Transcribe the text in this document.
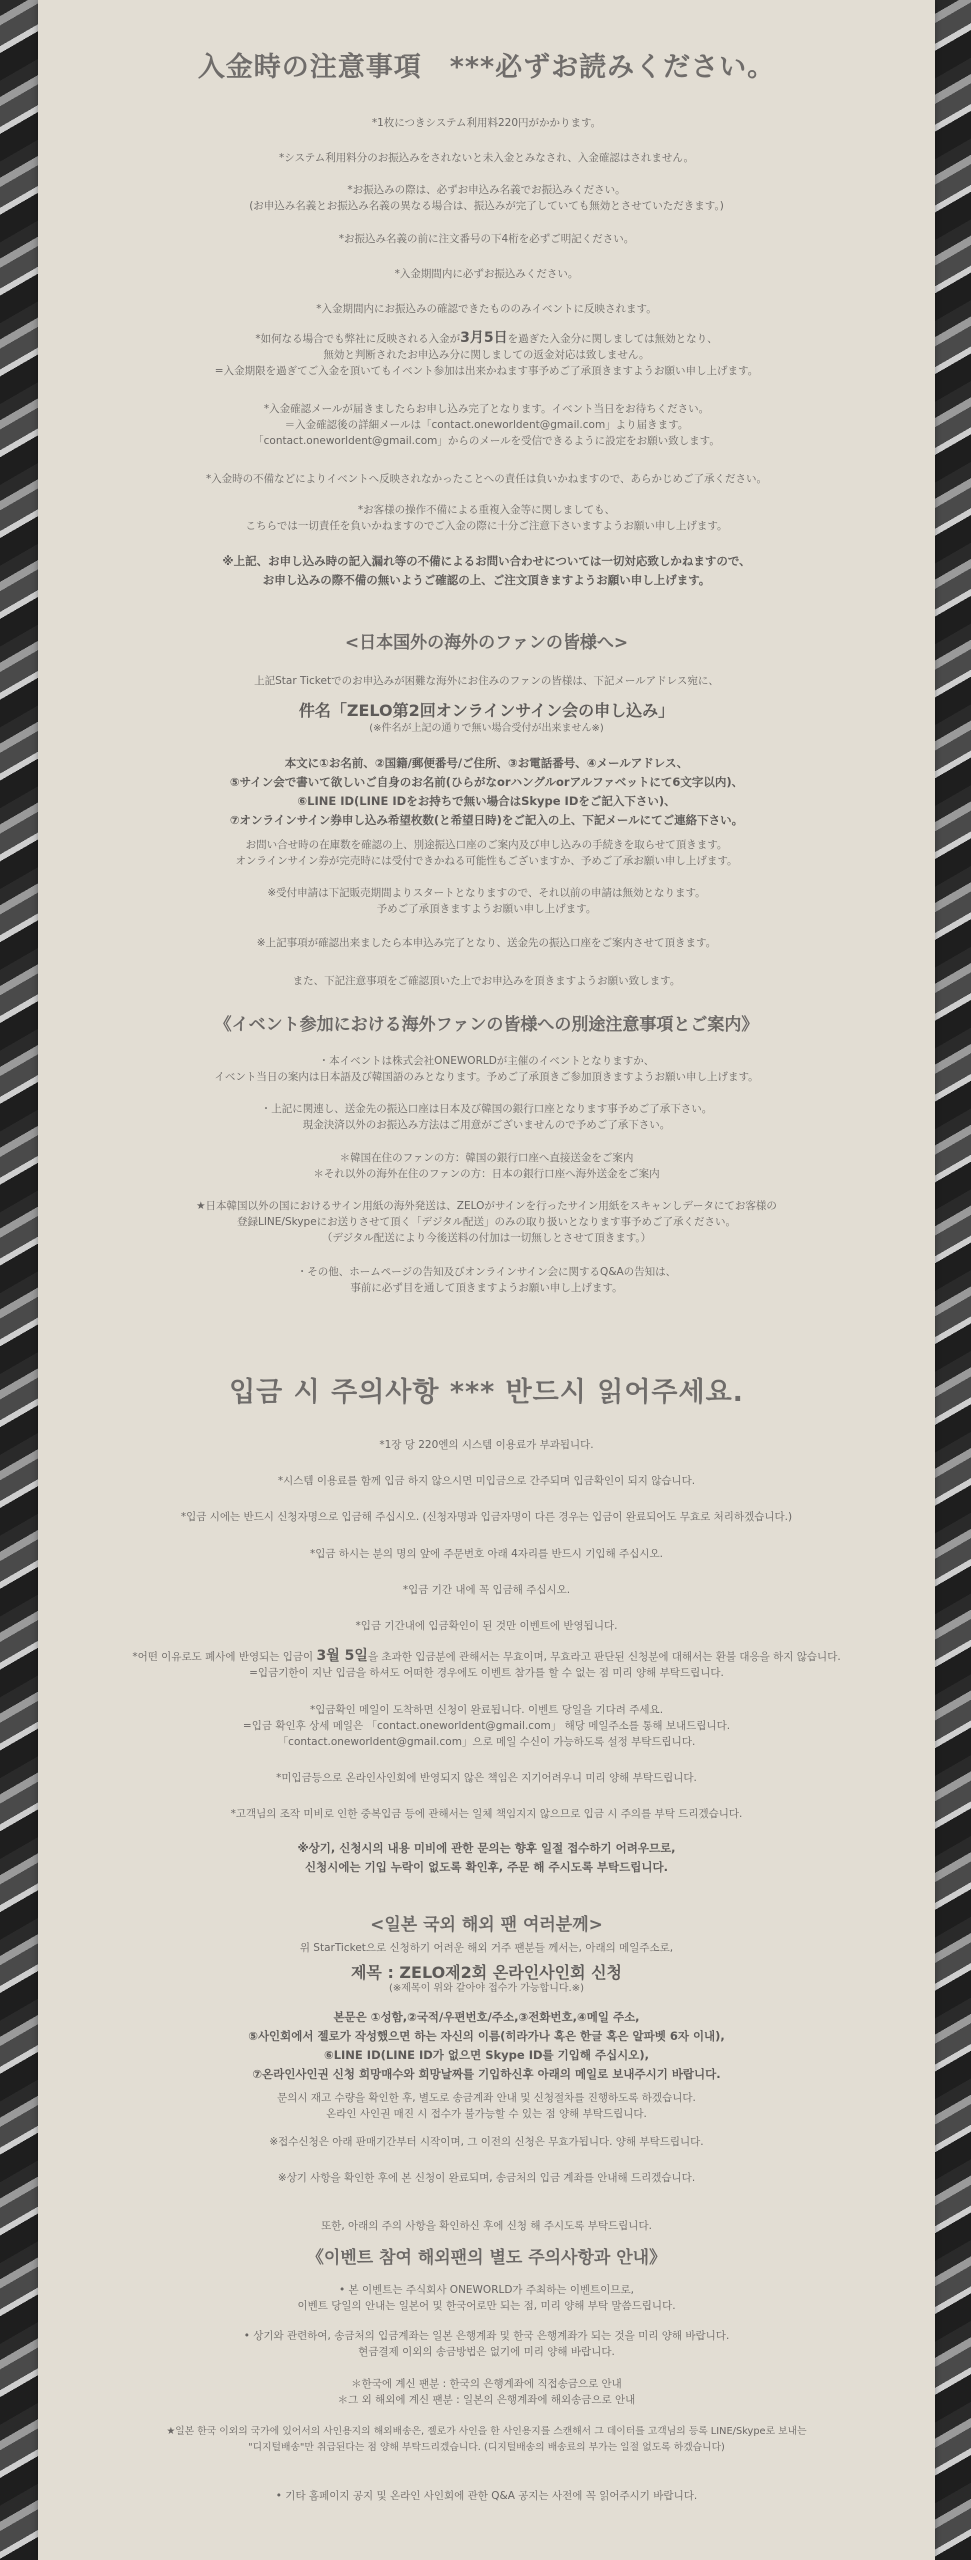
入金時の注意事項　***必ずお読みください。

*1枚につきシステム利用料220円がかかります。

*システム利用料分のお振込みをされないと未入金とみなされ、入金確認はされません。

*お振込みの際は、必ずお申込み名義でお振込みください。
(お申込み名義とお振込み名義の異なる場合は、振込みが完了していても無効とさせていただきます。)

*お振込み名義の前に注文番号の下4桁を必ずご明記ください。

*入金期間内に必ずお振込みください。

*入金期間内にお振込みの確認できたもののみイベントに反映されます。

*如何なる場合でも弊社に反映される入金が3月5日を過ぎた入金分に関しましては無効となり、
無効と判断されたお申込み分に関しましての返金対応は致しません。
=入金期限を過ぎてご入金を頂いてもイベント参加は出来かねます事予めご了承頂きますようお願い申し上げます。

*入金確認メールが届きましたらお申し込み完了となります。イベント当日をお待ちください。
＝入金確認後の詳細メールは「contact.oneworldent@gmail.com」より届きます。
「contact.oneworldent@gmail.com」からのメールを受信できるように設定をお願い致します。

*入金時の不備などによりイベントへ反映されなかったことへの責任は負いかねますので、あらかじめご了承ください。

*お客様の操作不備による重複入金等に関しましても、
こちらでは一切責任を負いかねますのでご入金の際に十分ご注意下さいますようお願い申し上げます。

※上記、お申し込み時の記入漏れ等の不備によるお問い合わせについては一切対応致しかねますので、
お申し込みの際不備の無いようご確認の上、ご注文頂きますようお願い申し上げます。

<日本国外の海外のファンの皆様へ>

上記Star Ticketでのお申込みが困難な海外にお住みのファンの皆様は、下記メールアドレス宛に、

件名「ZELO第2回オンラインサイン会の申し込み」

(※件名が上記の通りで無い場合受付が出来ません※)

本文に①お名前、②国籍/郵便番号/ご住所、③お電話番号、④メールアドレス、
⑤サイン会で書いて欲しいご自身のお名前(ひらがなorハングルorアルファベットにて6文字以内)、
⑥LINE ID(LINE IDをお持ちで無い場合はSkype IDをご記入下さい)、
⑦オンラインサイン券申し込み希望枚数(と希望日時)をご記入の上、下記メールにてご連絡下さい。

お問い合せ時の在庫数を確認の上、別途振込口座のご案内及び申し込みの手続きを取らせて頂きます。
オンラインサイン券が完売時には受付できかねる可能性もございますか、予めご了承お願い申し上げます。

※受付申請は下記販売期間よりスタートとなりますので、それ以前の申請は無効となります。
予めご了承頂きますようお願い申し上げます。

※上記事項が確認出来ましたら本申込み完了となり、送金先の振込口座をご案内させて頂きます。

また、下記注意事項をご確認頂いた上でお申込みを頂きますようお願い致します。

《イベント参加における海外ファンの皆様への別途注意事項とご案内》

・本イベントは株式会社ONEWORLDが主催のイベントとなりますか、
イベント当日の案内は日本語及び韓国語のみとなります。予めご了承頂きご参加頂きますようお願い申し上げます。

・上記に関連し、送金先の振込口座は日本及び韓国の銀行口座となります事予めご了承下さい。
現金決済以外のお振込み方法はご用意がございませんので予めご了承下さい。

＊韓国在住のファンの方：韓国の銀行口座へ直接送金をご案内
＊それ以外の海外在住のファンの方：日本の銀行口座へ海外送金をご案内

★日本韓国以外の国におけるサイン用紙の海外発送は、ZELOがサインを行ったサイン用紙をスキャンしデータにてお客様の
登録LINE/Skypeにお送りさせて頂く「デジタル配送」のみの取り扱いとなります事予めご了承ください。
（デジタル配送により今後送料の付加は一切無しとさせて頂きます。）

・その他、ホームページの告知及びオンラインサイン会に関するQ&Aの告知は、
事前に必ず目を通して頂きますようお願い申し上げます。

입금 시 주의사항 *** 반드시 읽어주세요.

*1장 당 220엔의 시스템 이용료가 부과됩니다.

*시스템 이용료를 함께 입금 하지 않으시면 미입금으로 간주되며 입금확인이 되지 않습니다.

*입금 시에는 반드시 신청자명으로 입금해 주십시오. (신청자명과 입금자명이 다른 경우는 입금이 완료되어도 무효로 처리하겠습니다.)

*입금 하시는 분의 명의 앞에 주문번호 아래 4자리를 반드시 기입해 주십시오.

*입금 기간 내에 꼭 입금해 주십시오.

*입금 기간내에 입금확인이 된 것만 이벤트에 반영됩니다.

*어떤 이유로도 폐사에 반영되는 입금이 3월 5일을 초과한 입금분에 관해서는 무효이며, 무효라고 판단된 신청분에 대해서는 환불 대응을 하지 않습니다.
=입금기한이 지난 입금을 하셔도 어떠한 경우에도 이벤트 참가를 할 수 없는 점 미리 양해 부탁드립니다.

*입금확인 메일이 도착하면 신청이 완료됩니다. 이벤트 당일을 기다려 주세요.
=입금 확인후 상세 메일은 「contact.oneworldent@gmail.com」 해당 메일주소를 통해 보내드립니다.
「contact.oneworldent@gmail.com」으로 메일 수신이 가능하도록 설정 부탁드립니다.

*미입금등으로 온라인사인회에 반영되지 않은 책임은 지기어려우니 미리 양해 부탁드립니다.

*고객님의 조작 미비로 인한 중복입금 등에 관해서는 일체 책임지지 않으므로 입금 시 주의를 부탁 드리겠습니다.

※상기, 신청시의 내용 미비에 관한 문의는 향후 일절 접수하기 어려우므로,
신청시에는 기입 누락이 없도록 확인후, 주문 해 주시도록 부탁드립니다.

<일본 국외 해외 팬 여러분께>

위 StarTicket으로 신청하기 어려운 해외 거주 팬분들 께서는, 아래의 메일주소로,

제목 : ZELO제2회 온라인사인회 신청

(※제목이 위와 같아야 접수가 가능합니다.※)

본문은 ①성함,②국적/우편번호/주소,③전화번호,④메일 주소,
⑤사인회에서 젤로가 작성했으면 하는 자신의 이름(히라가나 혹은 한글 혹은 알파벳 6자 이내),
⑥LINE ID(LINE ID가 없으면 Skype ID를 기입해 주십시오),
⑦온라인사인권 신청 희망매수와 희망날짜를 기입하신후 아래의 메일로 보내주시기 바랍니다.

문의시 재고 수량을 확인한 후, 별도로 송금계좌 안내 및 신청절차를 진행하도록 하겠습니다.
온라인 사인권 매진 시 접수가 불가능할 수 있는 점 양해 부탁드립니다.

※접수신청은 아래 판매기간부터 시작이며, 그 이전의 신청은 무효가됩니다. 양해 부탁드립니다.

※상기 사항을 확인한 후에 본 신청이 완료되며, 송금처의 입금 계좌를 안내해 드리겠습니다.

또한, 아래의 주의 사항을 확인하신 후에 신청 해 주시도록 부탁드립니다.

《이벤트 참여 해외팬의 별도 주의사항과 안내》

• 본 이벤트는 주식회사 ONEWORLD가 주최하는 이벤트이므로,
이벤트 당일의 안내는 일본어 및 한국어로만 되는 점, 미리 양해 부탁 말씀드립니다.

• 상기와 관련하여, 송금처의 입금계좌는 일본 은행계좌 및 한국 은행계좌가 되는 것을 미리 양해 바랍니다.
현금결제 이외의 송금방법은 없기에 미리 양해 바랍니다.

＊한국에 계신 팬분 : 한국의 은행계좌에 직접송금으로 안내
＊그 외 해외에 계신 팬분 : 일본의 은행계좌에 해외송금으로 안내

★일본 한국 이외의 국가에 있어서의 사인용지의 해외배송은, 젤로가 사인을 한 사인용지를 스캔해서 그 데이터를 고객님의 등록 LINE/Skype로 보내는
"디지털배송"만 취급된다는 점 양해 부탁드리겠습니다. (디지털배송의 배송료의 부가는 일절 없도록 하겠습니다)

• 기타 홈페이지 공지 및 온라인 사인회에 관한 Q&A 공지는 사전에 꼭 읽어주시기 바랍니다.
